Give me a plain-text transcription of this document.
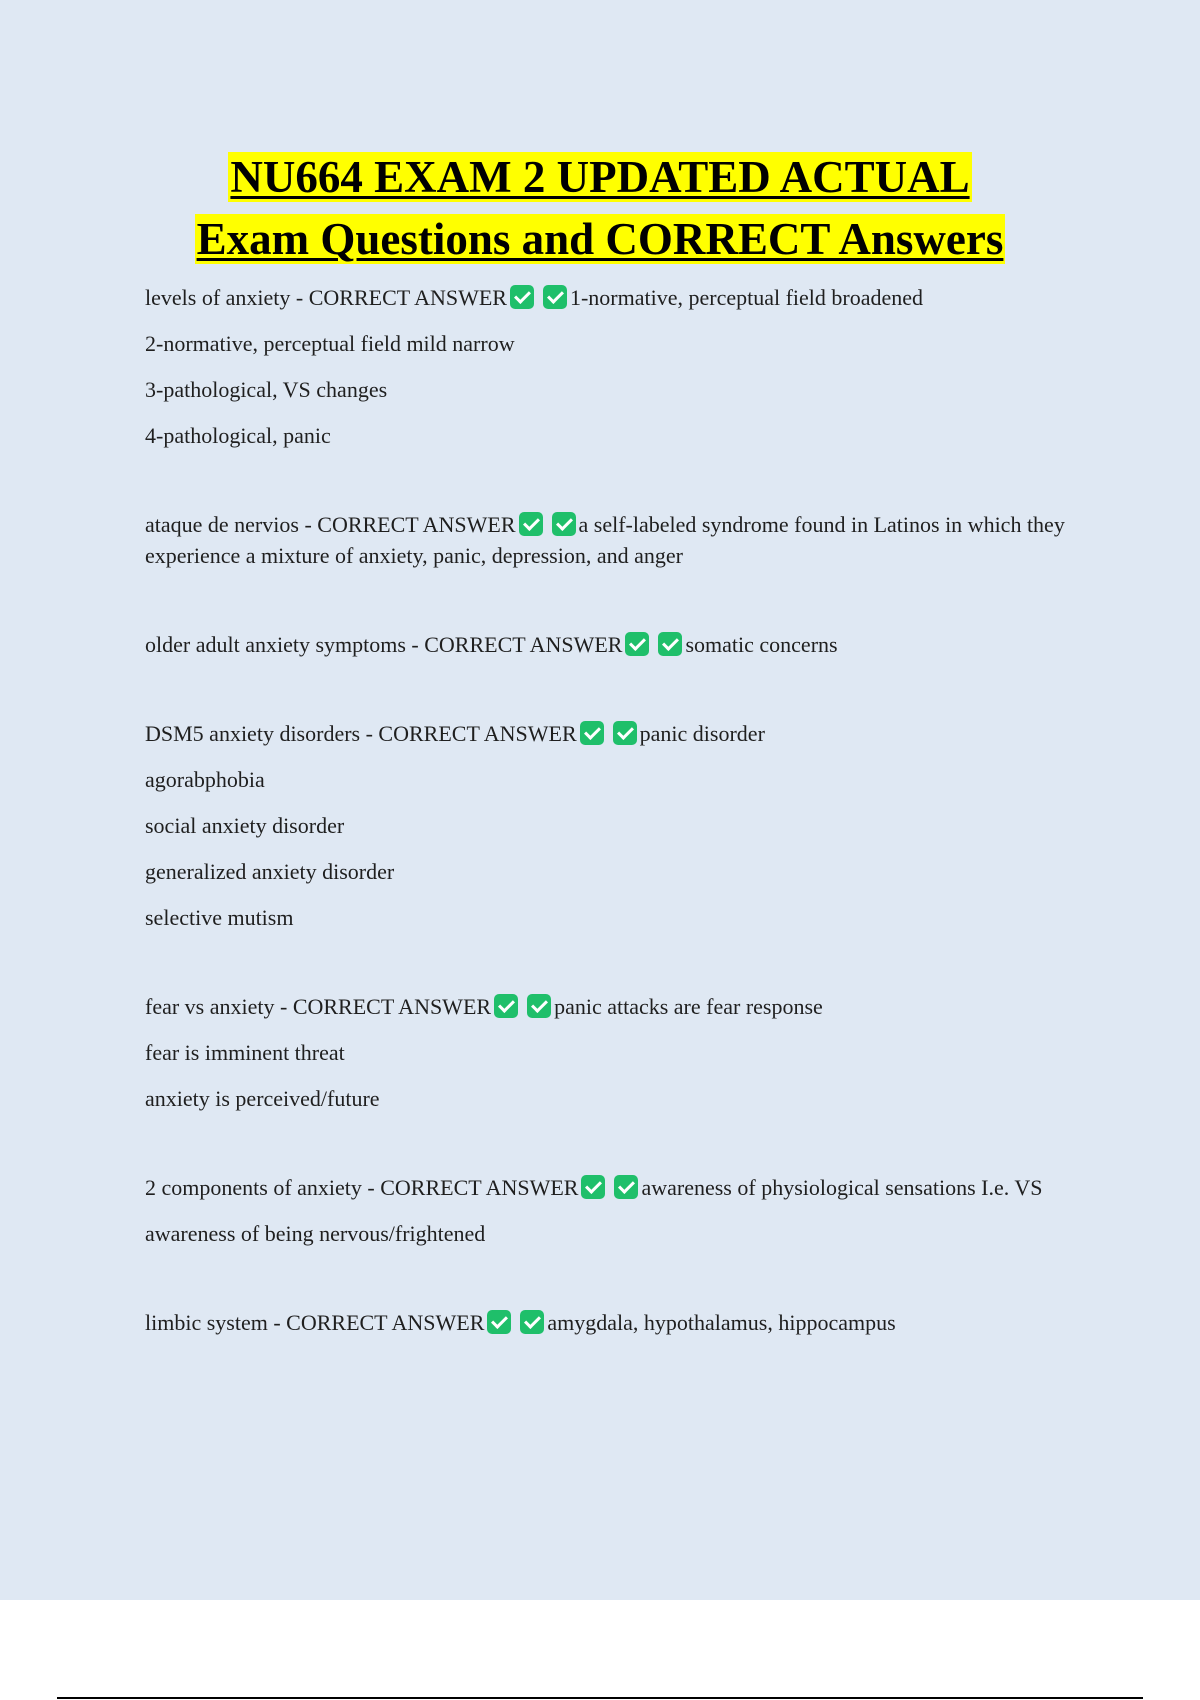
NU664 EXAM 2 UPDATED ACTUAL
Exam Questions and CORRECT Answers
levels of anxiety - CORRECT ANSWER	1-normative, perceptual field broadened
2-normative, perceptual field mild narrow
3-pathological, VS changes
4-pathological, panic
ataque de nervios - CORRECT ANSWER	a self-labeled syndrome found in Latinos in which they experience a mixture of anxiety, panic, depression, and anger
older adult anxiety symptoms - CORRECT ANSWER	somatic concerns
DSM5 anxiety disorders - CORRECT ANSWER	panic disorder
agorabphobia
social anxiety disorder
generalized anxiety disorder
selective mutism
fear vs anxiety - CORRECT ANSWER	panic attacks are fear response
fear is imminent threat
anxiety is perceived/future
2 components of anxiety - CORRECT ANSWER	awareness of physiological sensations I.e. VS
awareness of being nervous/frightened
limbic system - CORRECT ANSWER	amygdala, hypothalamus, hippocampus
